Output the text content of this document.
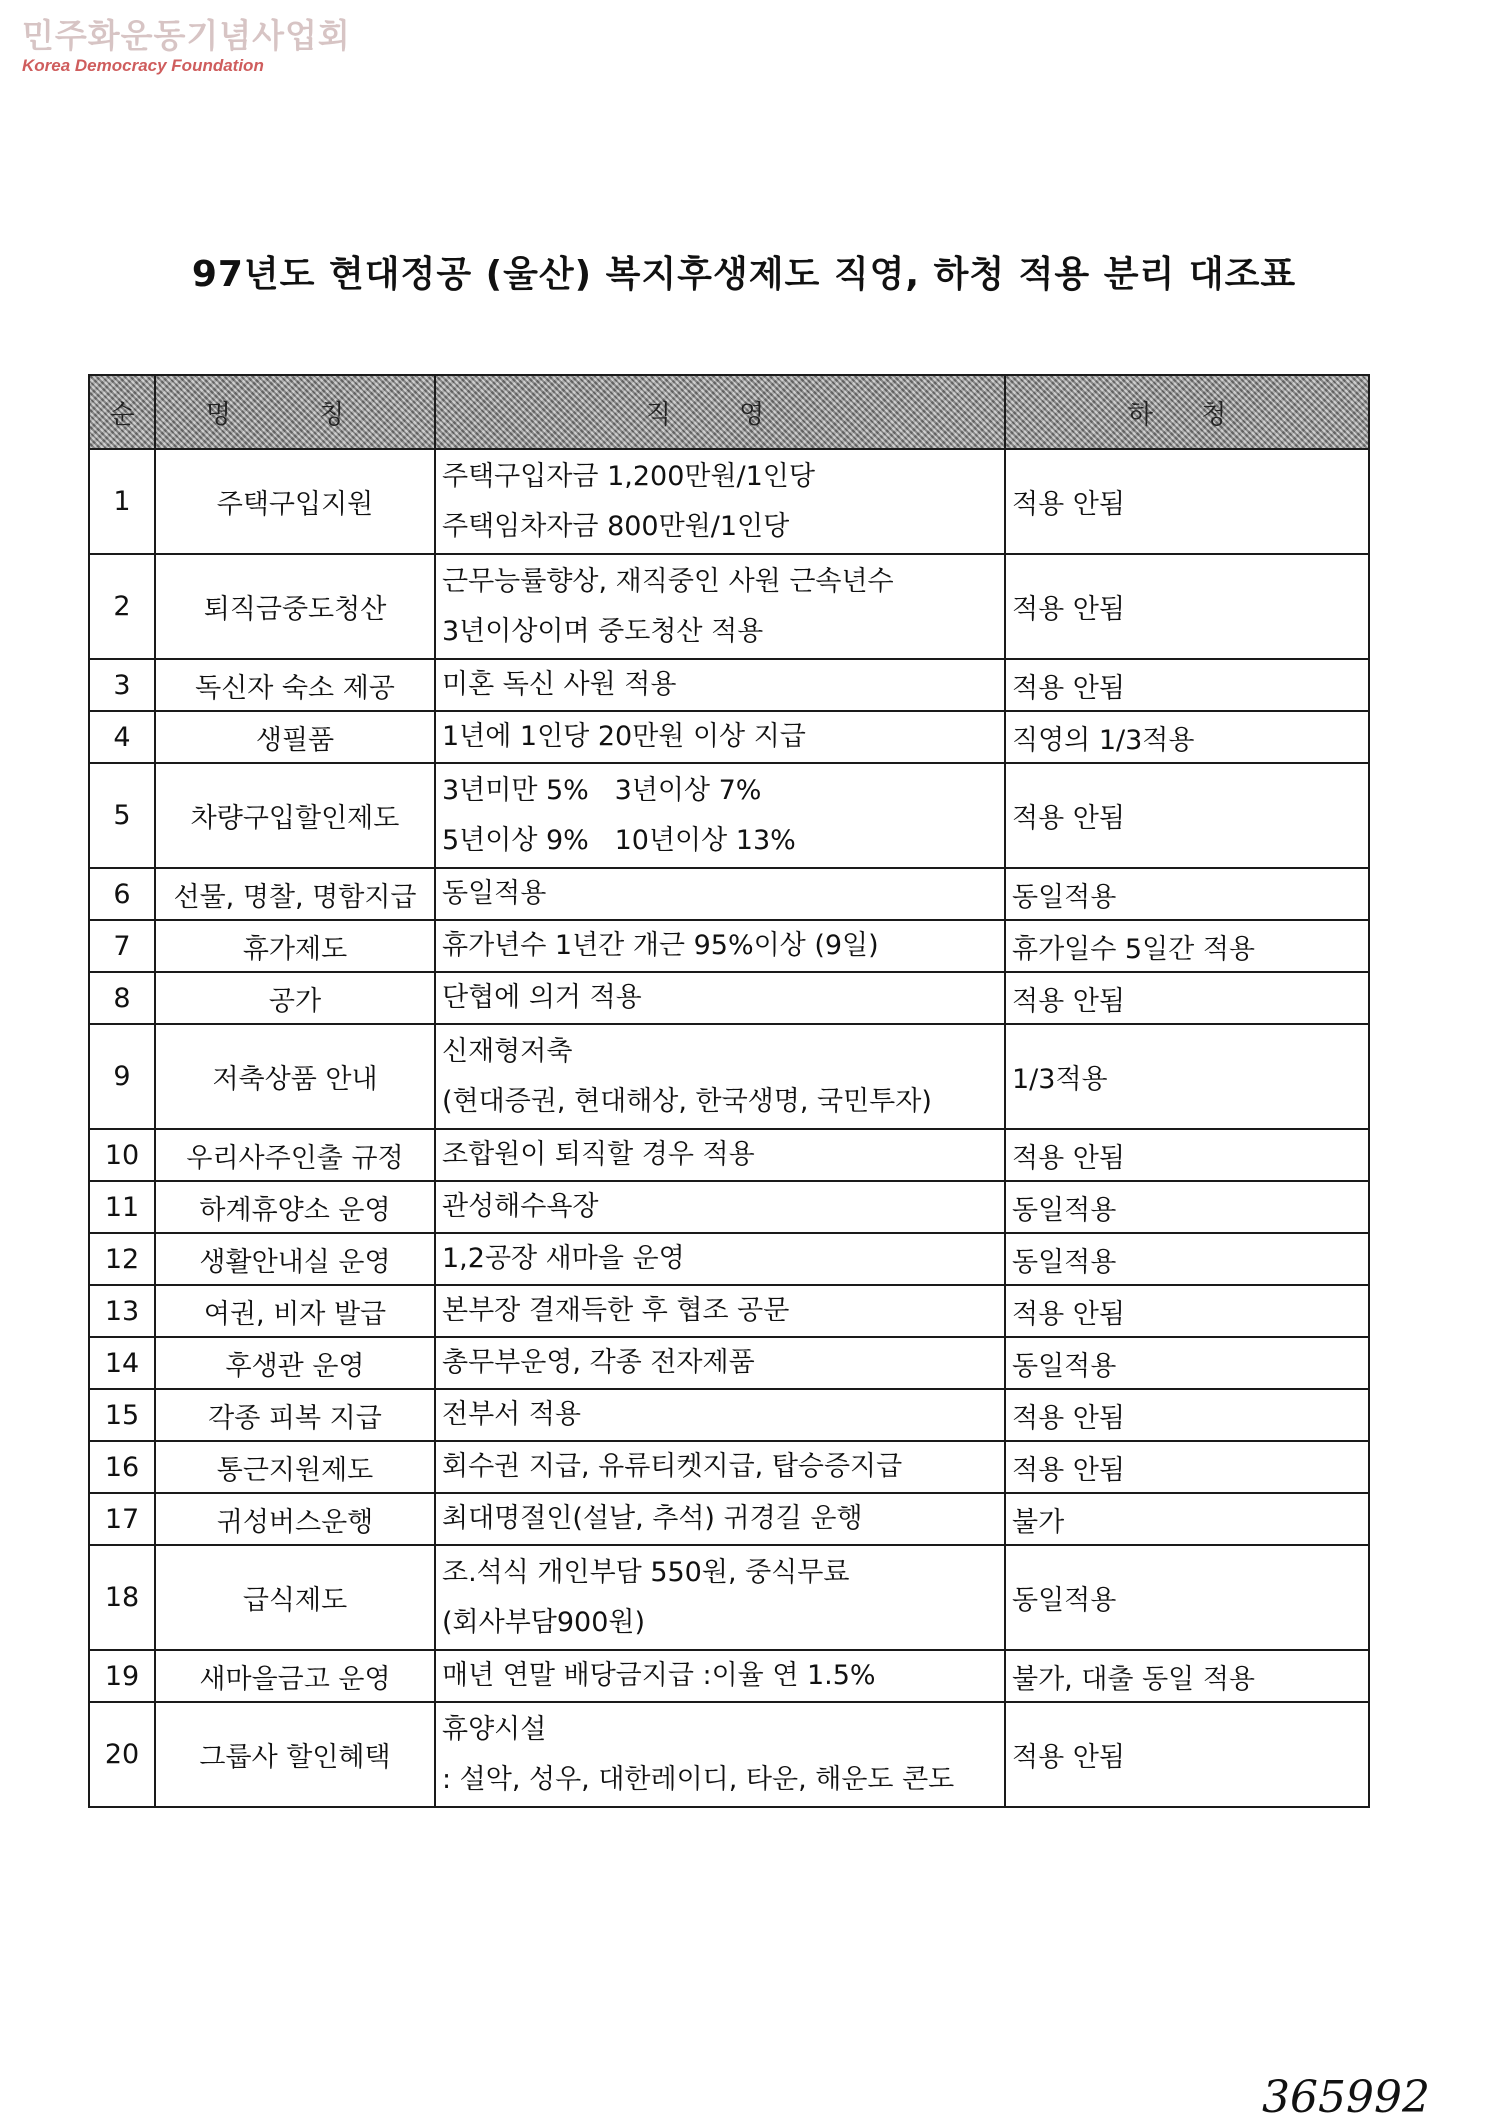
민주화운동기념사업회
Korea Democracy Foundation
97년도 현대정공 (울산) 복지후생제도 직영, 하청 적용 분리 대조표
순	명 칭	직 영	하 청
1	주택구입지원	주택구입자금 1,200만원/1인당
주택임차자금 800만원/1인당	적용 안됨
2	퇴직금중도청산	근무능률향상, 재직중인 사원 근속년수
3년이상이며 중도청산 적용	적용 안됨
3	독신자 숙소 제공	미혼 독신 사원 적용	적용 안됨
4	생필품	1년에 1인당 20만원 이상 지급	직영의 1/3적용
5	차량구입할인제도	3년미만 5%   3년이상 7%
5년이상 9%   10년이상 13%	적용 안됨
6	선물, 명찰, 명함지급	동일적용	동일적용
7	휴가제도	휴가년수 1년간 개근 95%이상 (9일)	휴가일수 5일간 적용
8	공가	단협에 의거 적용	적용 안됨
9	저축상품 안내	신재형저축
(현대증권, 현대해상, 한국생명, 국민투자)	1/3적용
10	우리사주인출 규정	조합원이 퇴직할 경우 적용	적용 안됨
11	하계휴양소 운영	관성해수욕장	동일적용
12	생활안내실 운영	1,2공장 새마을 운영	동일적용
13	여권, 비자 발급	본부장 결재득한 후 협조 공문	적용 안됨
14	후생관 운영	총무부운영, 각종 전자제품	동일적용
15	각종 피복 지급	전부서 적용	적용 안됨
16	통근지원제도	회수권 지급, 유류티켓지급, 탑승증지급	적용 안됨
17	귀성버스운행	최대명절인(설날, 추석) 귀경길 운행	불가
18	급식제도	조.석식 개인부담 550원, 중식무료
(회사부담900원)	동일적용
19	새마을금고 운영	매년 연말 배당금지급 :이율 연 1.5%	불가, 대출 동일 적용
20	그룹사 할인혜택	휴양시설
: 설악, 성우, 대한레이디, 타운, 해운도 콘도	적용 안됨
365992
